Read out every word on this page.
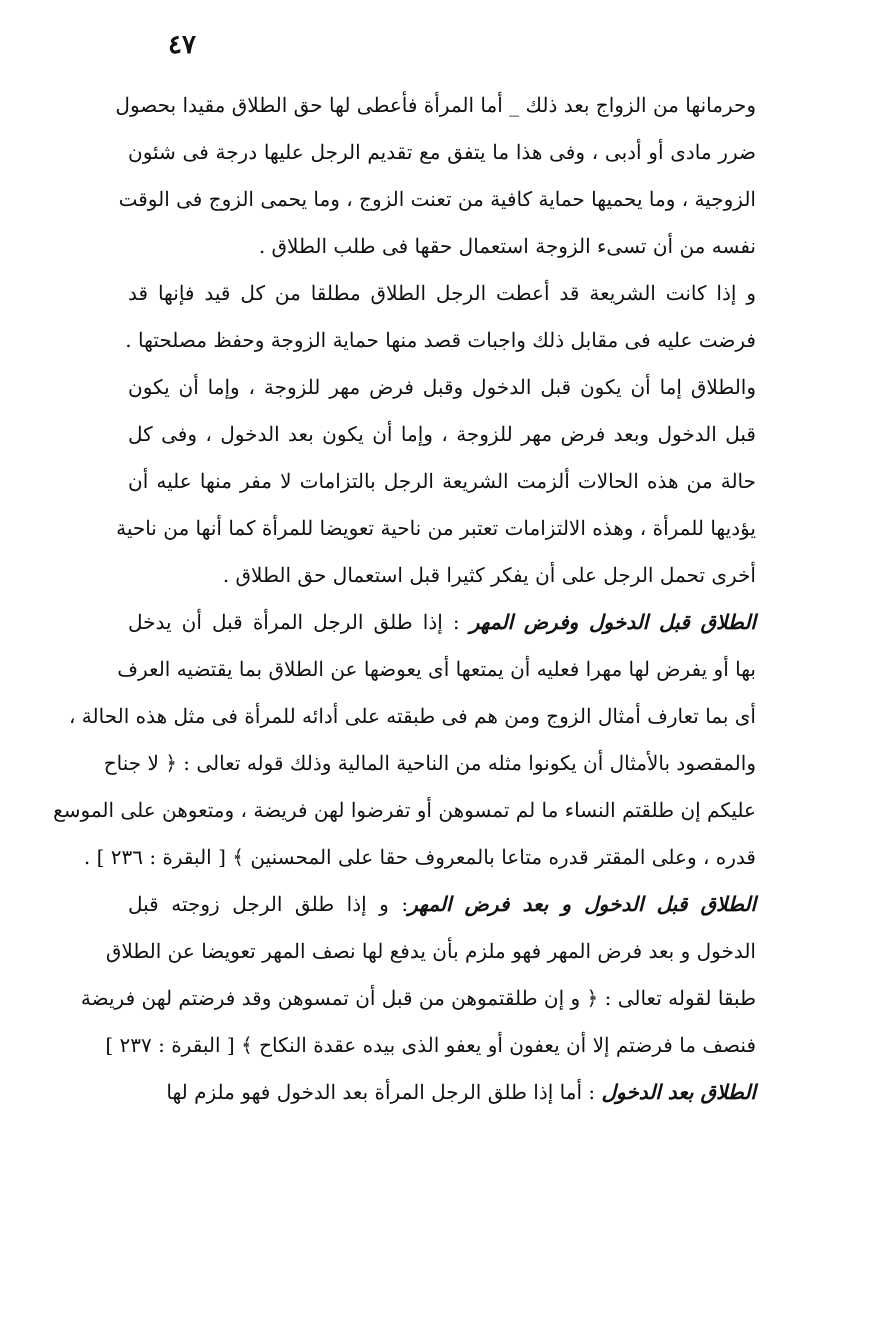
٤٧
وحرمانها من الزواج بعد ذلك _ أما المرأة فأعطى لها حق الطلاق مقيدا بحصول
ضرر مادى أو أدبى ، وفى هذا ما يتفق مع تقديم الرجل عليها درجة فى شئون
الزوجية ، وما يحميها حماية كافية من تعنت الزوج ، وما يحمى الزوج فى الوقت
نفسه من أن تسىء الزوجة استعمال حقها فى طلب الطلاق .
و إذا كانت الشريعة قد أعطت الرجل الطلاق مطلقا من كل قيد فإنها قد
فرضت عليه فى مقابل ذلك واجبات قصد منها حماية الزوجة وحفظ مصلحتها .
والطلاق إما أن يكون قبل الدخول وقبل فرض مهر للزوجة ، وإما أن يكون
قبل الدخول وبعد فرض مهر للزوجة ، وإما أن يكون بعد الدخول ، وفى كل
حالة من هذه الحالات ألزمت الشريعة الرجل بالتزامات لا مفر منها عليه أن
يؤديها للمرأة ، وهذه الالتزامات تعتبر من ناحية تعويضا للمرأة كما أنها من ناحية
أخرى تحمل الرجل على أن يفكر كثيرا قبل استعمال حق الطلاق .
الطلاق قبل الدخول وفرض المهر : إذا طلق الرجل المرأة قبل أن يدخل
بها أو يفرض لها مهرا فعليه أن يمتعها أى يعوضها عن الطلاق بما يقتضيه العرف
أى بما تعارف أمثال الزوج ومن هم فى طبقته على أدائه للمرأة فى مثل هذه الحالة ،
والمقصود بالأمثال أن يكونوا مثله من الناحية المالية وذلك قوله تعالى : ﴿ لا جناح
عليكم إن طلقتم النساء ما لم تمسوهن أو تفرضوا لهن فريضة ، ومتعوهن على الموسع
قدره ، وعلى المقتر قدره متاعا بالمعروف حقا على المحسنين ﴾ [ البقرة : ٢٣٦ ] .
الطلاق قبل الدخول و بعد فرض المهر: و إذا طلق الرجل زوجته قبل
الدخول و بعد فرض المهر فهو ملزم بأن يدفع لها نصف المهر تعويضا عن الطلاق
طبقا لقوله تعالى : ﴿ و إن طلقتموهن من قبل أن تمسوهن وقد فرضتم لهن فريضة
فنصف ما فرضتم إلا أن يعفون أو يعفو الذى بيده عقدة النكاح ﴾ [ البقرة : ٢٣٧ ]
الطلاق بعد الدخول : أما إذا طلق الرجل المرأة بعد الدخول فهو ملزم لها
